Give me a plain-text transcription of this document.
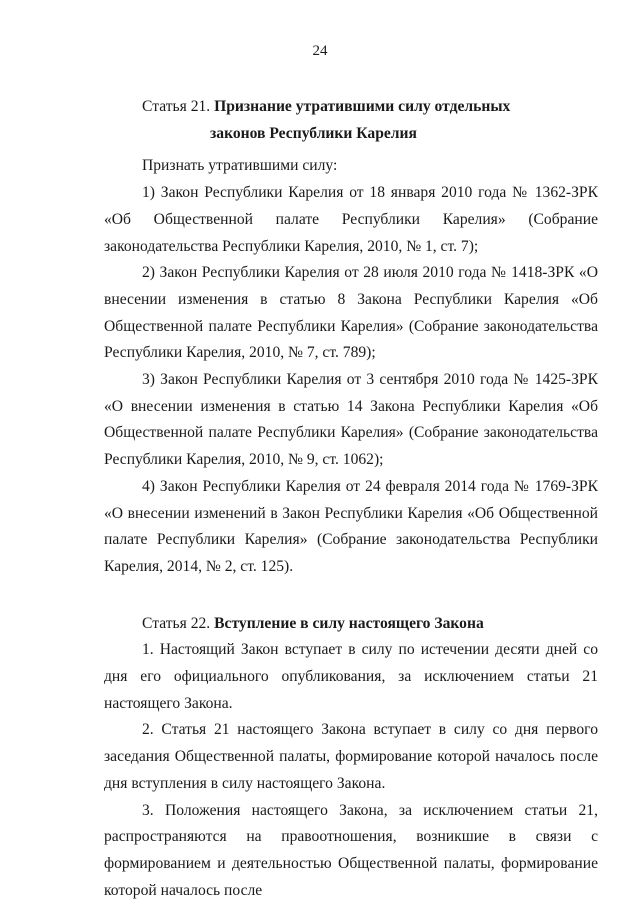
24

Статья 21. Признание утратившими силу отдельных

законов Республики Карелия

Признать утратившими силу:

1) Закон Республики Карелия от 18 января 2010 года № 1362-ЗРК «Об Общественной палате Республики Карелия» (Собрание законодательства Республики Карелия, 2010, № 1, ст. 7);

2) Закон Республики Карелия от 28 июля 2010 года № 1418-ЗРК «О внесении изменения в статью 8 Закона Республики Карелия «Об Общественной палате Республики Карелия» (Собрание законодательства Республики Карелия, 2010, № 7, ст. 789);

3) Закон Республики Карелия от 3 сентября 2010 года № 1425-ЗРК «О внесении изменения в статью 14 Закона Республики Карелия «Об Общественной палате Республики Карелия» (Собрание законодательства Республики Карелия, 2010, № 9, ст. 1062);

4) Закон Республики Карелия от 24 февраля 2014 года № 1769-ЗРК «О внесении изменений в Закон Республики Карелия «Об Общественной палате Республики Карелия» (Собрание законодательства Республики Карелия, 2014, № 2, ст. 125).

Статья 22. Вступление в силу настоящего Закона

1. Настоящий Закон вступает в силу по истечении десяти дней со дня его официального опубликования, за исключением статьи 21 настоящего Закона.

2. Статья 21 настоящего Закона вступает в силу со дня первого заседания Общественной палаты, формирование которой началось после дня вступления в силу настоящего Закона.

3. Положения настоящего Закона, за исключением статьи 21, распространяются на правоотношения, возникшие в связи с формированием и деятельностью Общественной палаты, формирование которой началось после
